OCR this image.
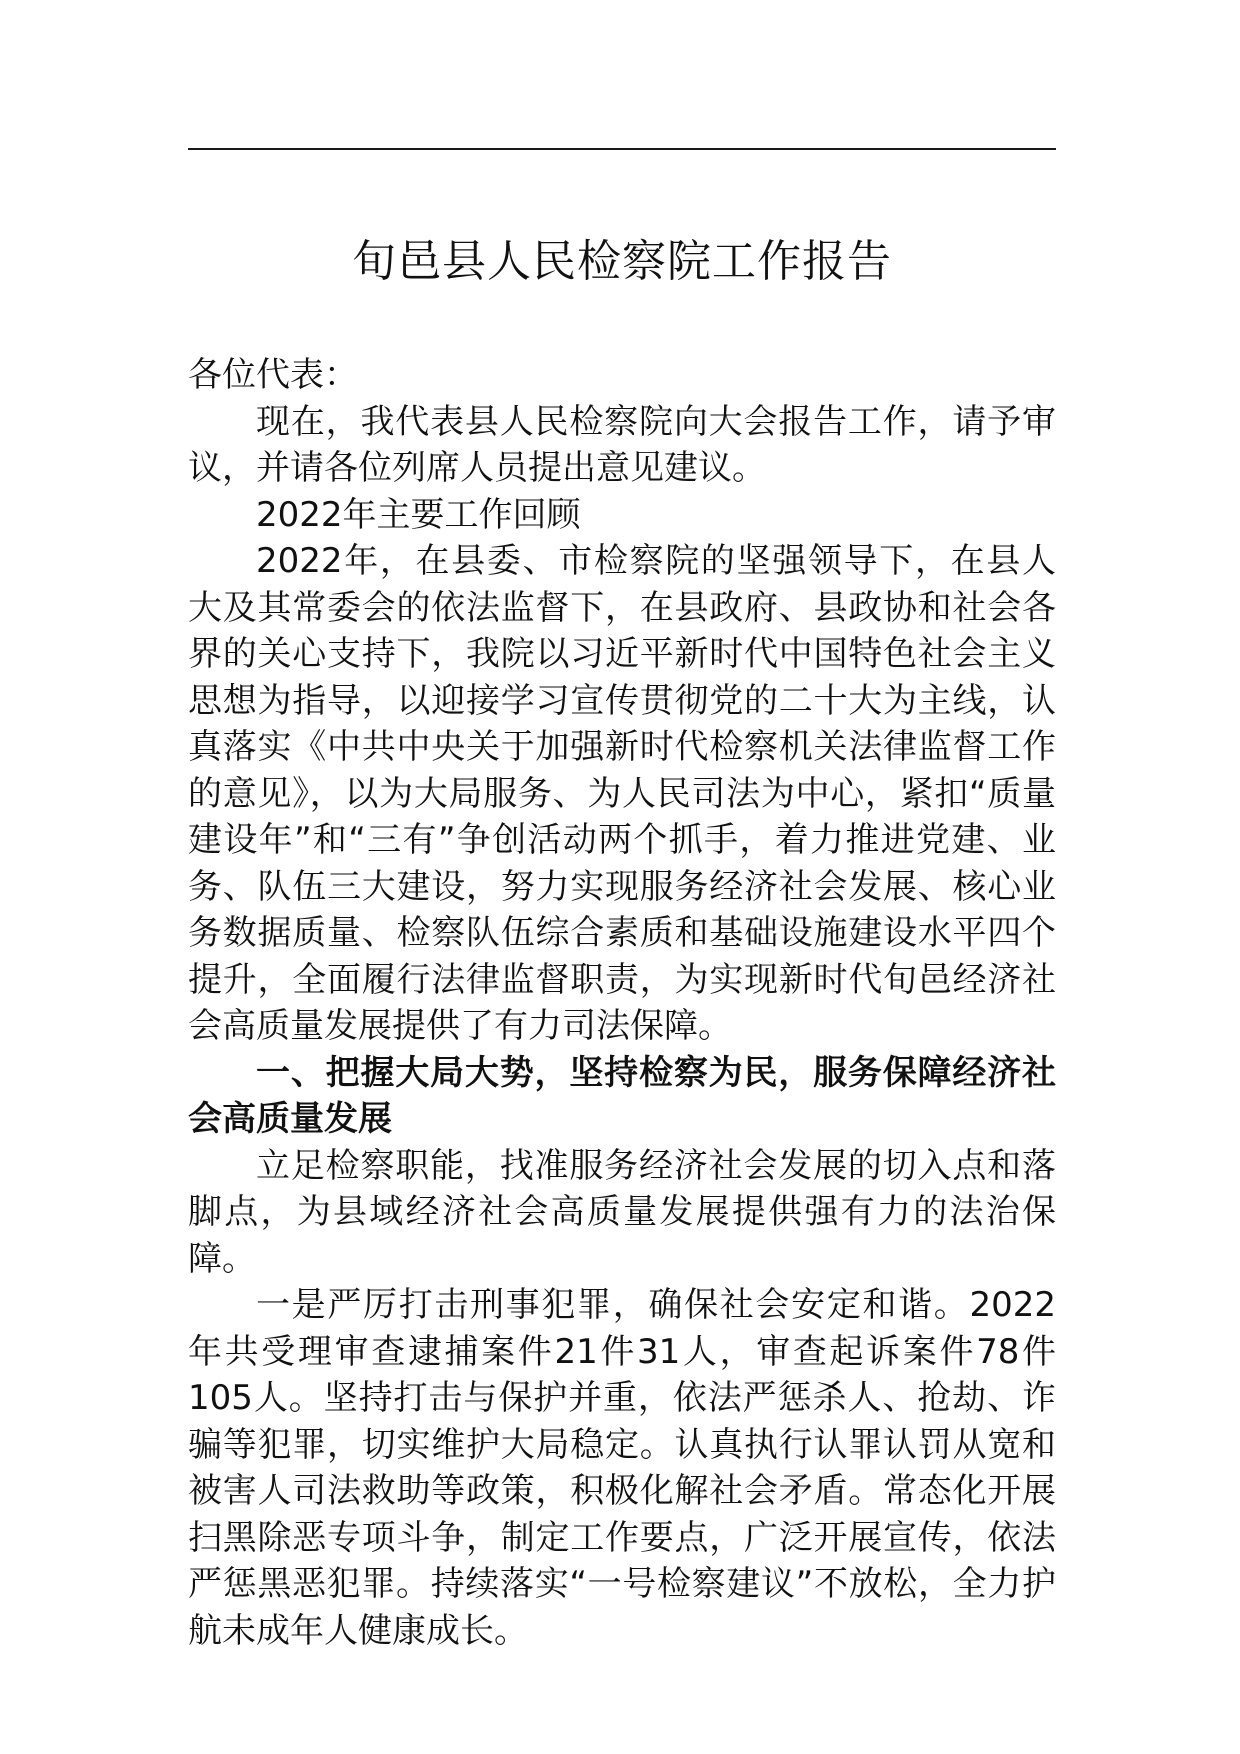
旬邑县人民检察院工作报告

各位代表：

现在，我代表县人民检察院向大会报告工作，请予审议，并请各位列席人员提出意见建议。

2022年主要工作回顾

2022年，在县委、市检察院的坚强领导下，在县人大及其常委会的依法监督下，在县政府、县政协和社会各界的关心支持下，我院以习近平新时代中国特色社会主义思想为指导，以迎接学习宣传贯彻党的二十大为主线，认真落实《中共中央关于加强新时代检察机关法律监督工作的意见》，以为大局服务、为人民司法为中心，紧扣“质量建设年”和“三有”争创活动两个抓手，着力推进党建、业务、队伍三大建设，努力实现服务经济社会发展、核心业务数据质量、检察队伍综合素质和基础设施建设水平四个提升，全面履行法律监督职责，为实现新时代旬邑经济社会高质量发展提供了有力司法保障。

一、把握大局大势，坚持检察为民，服务保障经济社会高质量发展

立足检察职能，找准服务经济社会发展的切入点和落脚点，为县域经济社会高质量发展提供强有力的法治保障。

一是严厉打击刑事犯罪，确保社会安定和谐。2022年共受理审查逮捕案件21件31人，审查起诉案件78件105人。坚持打击与保护并重，依法严惩杀人、抢劫、诈骗等犯罪，切实维护大局稳定。认真执行认罪认罚从宽和被害人司法救助等政策，积极化解社会矛盾。常态化开展扫黑除恶专项斗争，制定工作要点，广泛开展宣传，依法严惩黑恶犯罪。持续落实“一号检察建议”不放松，全力护航未成年人健康成长。
